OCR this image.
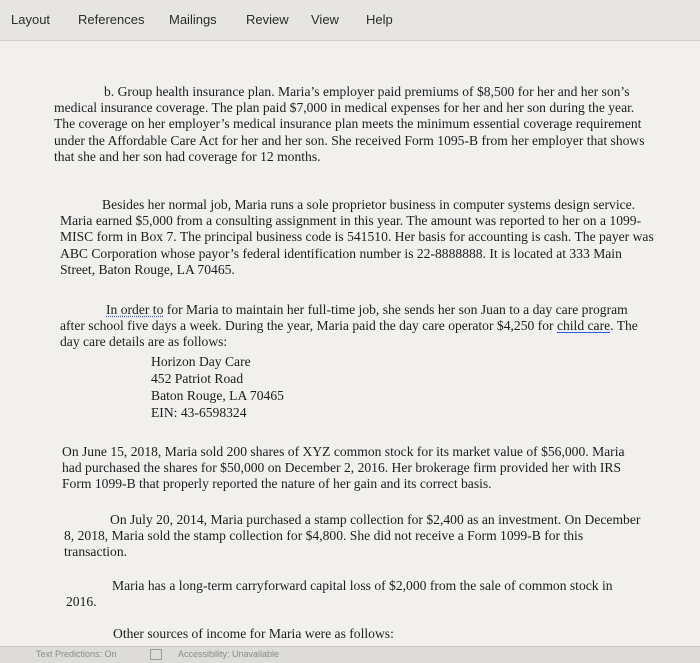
Layout References Mailings Review View Help

b. Group health insurance plan. Maria’s employer paid premiums of $8,500 for her and her son’s medical insurance coverage. The plan paid $7,000 in medical expenses for her and her son during the year. The coverage on her employer’s medical insurance plan meets the minimum essential coverage requirement under the Affordable Care Act for her and her son. She received Form 1095-B from her employer that shows that she and her son had coverage for 12 months.

Besides her normal job, Maria runs a sole proprietor business in computer systems design service. Maria earned $5,000 from a consulting assignment in this year. The amount was reported to her on a 1099-MISC form in Box 7. The principal business code is 541510. Her basis for accounting is cash. The payer was ABC Corporation whose payor’s federal identification number is 22-8888888. It is located at 333 Main Street, Baton Rouge, LA 70465.

In order to for Maria to maintain her full-time job, she sends her son Juan to a day care program after school five days a week. During the year, Maria paid the day care operator $4,250 for child care. The day care details are as follows:

Horizon Day Care
452 Patriot Road
Baton Rouge, LA 70465
EIN: 43-6598324

On June 15, 2018, Maria sold 200 shares of XYZ common stock for its market value of $56,000. Maria had purchased the shares for $50,000 on December 2, 2016. Her brokerage firm provided her with IRS Form 1099-B that properly reported the nature of her gain and its correct basis.

On July 20, 2014, Maria purchased a stamp collection for $2,400 as an investment. On December 8, 2018, Maria sold the stamp collection for $4,800. She did not receive a Form 1099-B for this transaction.

Maria has a long-term carryforward capital loss of $2,000 from the sale of common stock in 2016.

Other sources of income for Maria were as follows:

Text Predictions: On	Accessibility: Unavailable
